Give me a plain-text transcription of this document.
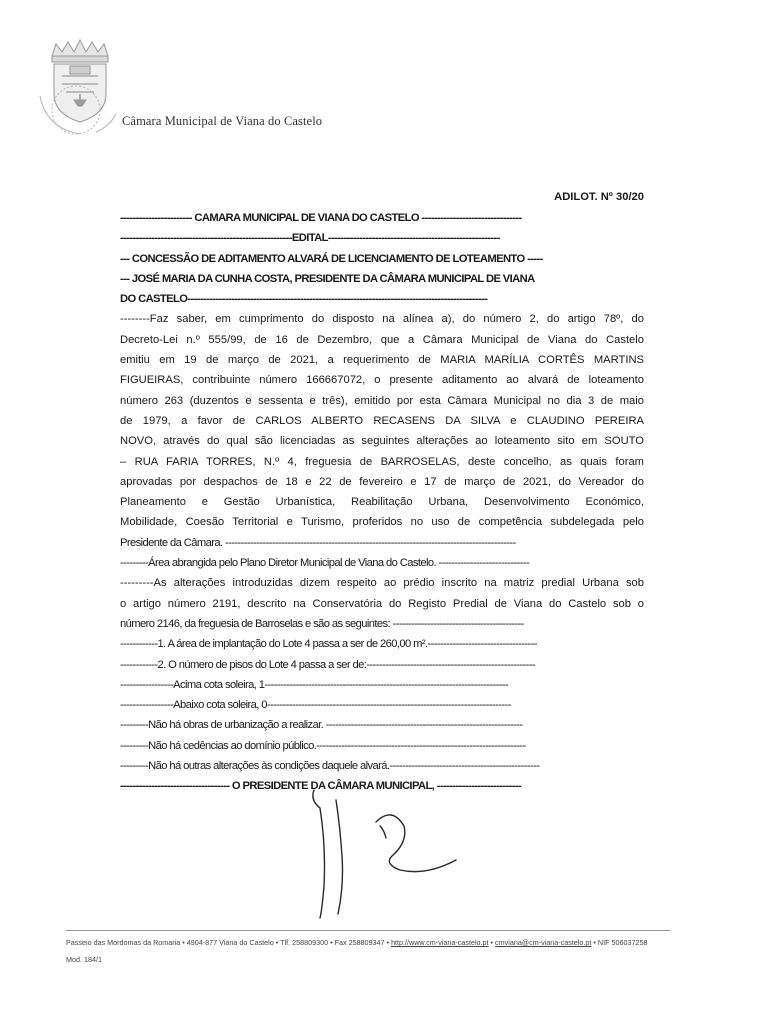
Câmara Municipal de Viana do Castelo
ADILOT. Nº 30/20
----------------------- CAMARA MUNICIPAL DE VIANA DO CASTELO --------------------------------
-------------------------------------------------------EDITAL-------------------------------------------------------
--- CONCESSÃO DE ADITAMENTO ALVARÁ DE LICENCIAMENTO DE LOTEAMENTO -----
--- JOSÉ MARIA DA CUNHA COSTA, PRESIDENTE DA CÂMARA MUNICIPAL DE VIANA
DO CASTELO------------------------------------------------------------------------------------------------
--------Faz saber, em cumprimento do disposto na alínea a), do número 2, do artigo 78º, do
Decreto-Lei n.º 555/99, de 16 de Dezembro, que a Câmara Municipal de Viana do Castelo
emitiu em 19 de março de 2021, a requerimento de MARIA MARÍLIA CORTÊS MARTINS
FIGUEIRAS, contribuinte número 166667072, o presente aditamento ao alvará de loteamento
número 263 (duzentos e sessenta e três), emitido por esta Câmara Municipal no dia 3 de maio
de 1979, a favor de CARLOS ALBERTO RECASENS DA SILVA e CLAUDINO PEREIRA
NOVO, através do qual são licenciadas as seguintes alterações ao loteamento sito em SOUTO
– RUA FARIA TORRES, N.º 4, freguesia de BARROSELAS, deste concelho, as quais foram
aprovadas por despachos de 18 e 22 de fevereiro e 17 de março de 2021, do Vereador do
Planeamento e Gestão Urbanística, Reabilitação Urbana, Desenvolvimento Económico,
Mobilidade, Coesão Territorial e Turismo, proferidos no uso de competência subdelegada pelo
Presidente da Câmara. ---------------------------------------------------------------------------------------------
---------Área abrangida pelo Plano Diretor Municipal de Viana do Castelo. -----------------------------
---------As alterações introduzidas dizem respeito ao prédio inscrito na matriz predial Urbana sob
o artigo número 2191, descrito na Conservatória do Registo Predial de Viana do Castelo sob o
número 2146, da freguesia de Barroselas e são as seguintes: ------------------------------------------
------------1. A área de implantação do Lote 4 passa a ser de 260,00 m².-----------------------------------
------------2. O número de pisos do Lote 4 passa a ser de:------------------------------------------------------
-----------------Acima cota soleira, 1------------------------------------------------------------------------------
-----------------Abaixo cota soleira, 0------------------------------------------------------------------------------
---------Não há obras de urbanização a realizar. ---------------------------------------------------------------
---------Não há cedências ao domínio público.-------------------------------------------------------------------
---------Não há outras alterações às condições daquele alvará.------------------------------------------------
----------------------------------- O PRESIDENTE DA CÂMARA MUNICIPAL, ---------------------------
Passeio das Mordomas da Romaria • 4904-877 Viana do Castelo • Tlf. 258809300 • Fax 258809347 • http://www.cm-viana-castelo.pt • cmviana@cm-viana-castelo.pt • NIF 506037258
Mod. 184/1
